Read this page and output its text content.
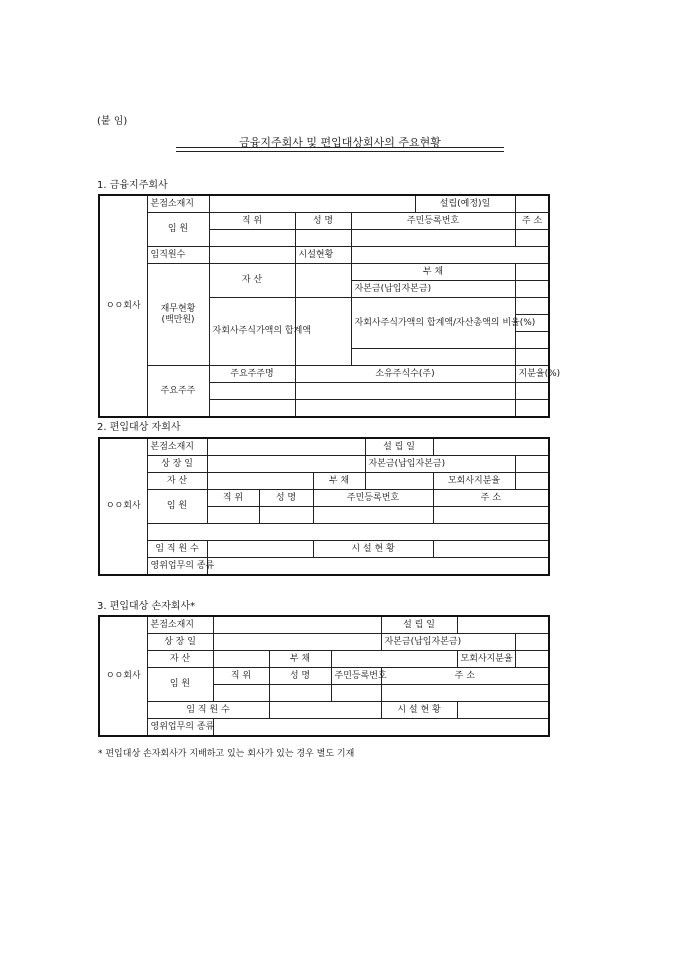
(붙 임)
금융지주회사 및 편입대상회사의 주요현황
1. 금융지주회사
ㅇㅇ회사	본점소재지				설립(예정)일	
	임 원	직 위	성 명	주민등록번호		주 소

	임직원수		시설현황			

	재무현황
(백만원)	자 산		부 채		
				자본금(납입자본금)		
		자회사주식가액의 합계액		자회사주식가액의 합계액/자산총액의 비율(%)		

	주요주주	주요주주명	소유주식수(주)			지분율(%)

2. 편입대상 자회사
ㅇㅇ회사	본점소재지				설 립 일		
	상 장 일				자본금(납입자본금)		
	자 산			부 채		모회사지분율	
	임 원	직 위	성 명	주민등록번호		주 소	

	임 직 원 수			시 설 현 황			
	영위업무의 종류						
3. 편입대상 손자회사*
ㅇㅇ회사	본점소재지				설 립 일		
	상 장 일				자본금(납입자본금)		
	자 산		부 채			모회사지분율	
	임 원	직 위	성 명	주민등록번호	주 소		

	임 직 원 수				시 설 현 황		
	영위업무의 종류						
* 편입대상 손자회사가 지배하고 있는 회사가 있는 경우 별도 기재
